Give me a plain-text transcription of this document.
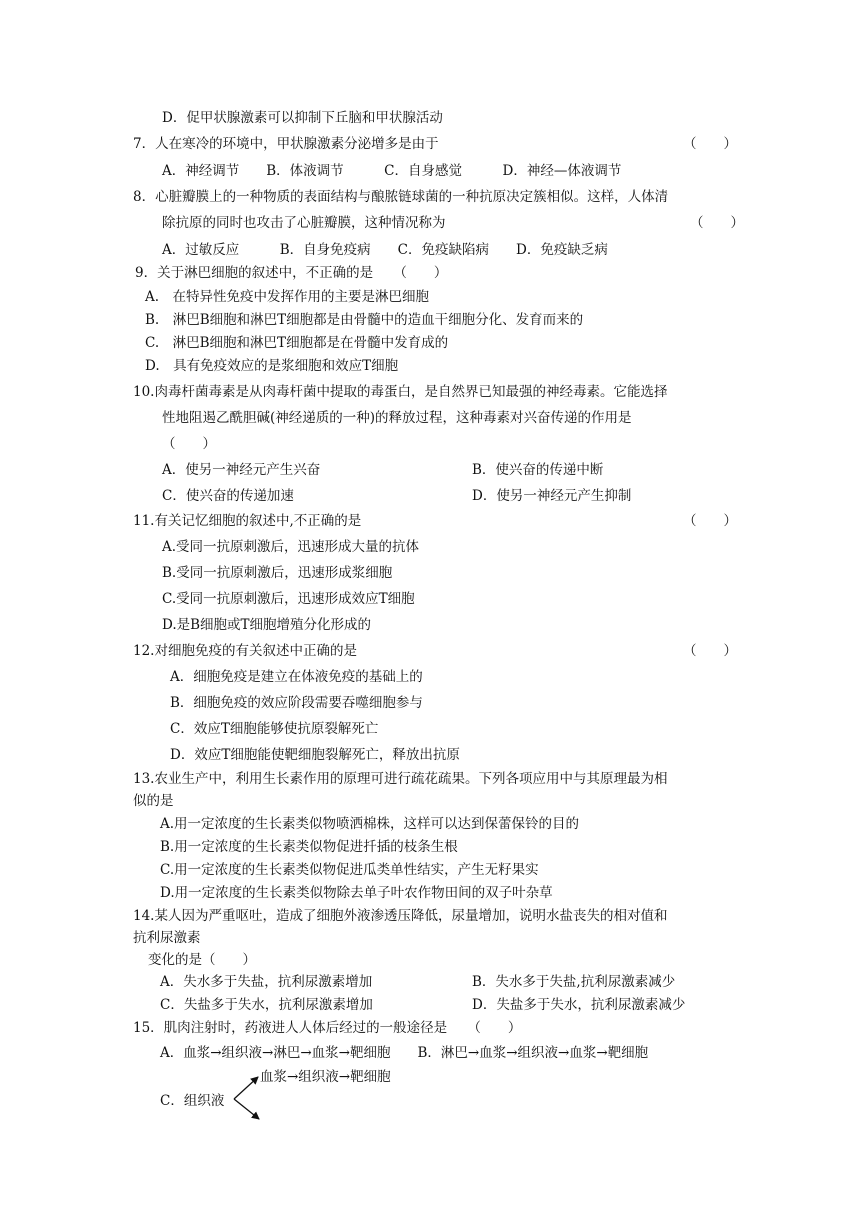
D．促甲状腺激素可以抑制下丘脑和甲状腺活动
7．人在寒冷的环境中，甲状腺激素分泌增多是由于	（　　）
A．神经调节　　B．体液调节　　　C．自身感觉　　　D．神经—体液调节
8．心脏瓣膜上的一种物质的表面结构与酿脓链球菌的一种抗原决定簇相似。这样，人体清
除抗原的同时也攻击了心脏瓣膜，这种情况称为	（　　）
A．过敏反应　　　B．自身免疫病　　C．免疫缺陷病　　D．免疫缺乏病
9．关于淋巴细胞的叙述中，不正确的是　　（　　）
A.　在特异性免疫中发挥作用的主要是淋巴细胞
B.　淋巴B细胞和淋巴T细胞都是由骨髓中的造血干细胞分化、发育而来的
C.　淋巴B细胞和淋巴T细胞都是在骨髓中发育成的
D.　具有免疫效应的是浆细胞和效应T细胞
10.肉毒杆菌毒素是从肉毒杆菌中提取的毒蛋白，是自然界已知最强的神经毒素。它能选择
性地阻遏乙酰胆碱(神经递质的一种)的释放过程，这种毒素对兴奋传递的作用是
（　　）
A．使另一神经元产生兴奋	B．使兴奋的传递中断
C．使兴奋的传递加速	D．使另一神经元产生抑制
11.有关记忆细胞的叙述中,不正确的是	（　　）
A.受同一抗原刺激后，迅速形成大量的抗体
B.受同一抗原刺激后，迅速形成浆细胞
C.受同一抗原刺激后，迅速形成效应T细胞
D.是B细胞或T细胞增殖分化形成的
12.对细胞免疫的有关叙述中正确的是	（　　）
A．细胞免疫是建立在体液免疫的基础上的
B．细胞免疫的效应阶段需要吞噬细胞参与
C．效应T细胞能够使抗原裂解死亡
D．效应T细胞能使靶细胞裂解死亡，释放出抗原
13.农业生产中，利用生长素作用的原理可进行疏花疏果。下列各项应用中与其原理最为相
似的是
A.用一定浓度的生长素类似物喷洒棉株，这样可以达到保蕾保铃的目的
B.用一定浓度的生长素类似物促进扦插的枝条生根
C.用一定浓度的生长素类似物促进瓜类单性结实，产生无籽果实
D.用一定浓度的生长素类似物除去单子叶农作物田间的双子叶杂草
14.某人因为严重呕吐，造成了细胞外液渗透压降低，尿量增加，说明水盐丧失的相对值和
抗利尿激素
变化的是（　　）
A．失水多于失盐，抗利尿激素增加	B．失水多于失盐,抗利尿激素减少
C．失盐多于失水，抗利尿激素增加	D．失盐多于失水，抗利尿激素减少
15．肌肉注射时，药液进人人体后经过的一般途径是　　（　　）
A．血浆→组织液→淋巴→血浆→靶细胞　　B．淋巴→血浆→组织液→血浆→靶细胞
血浆→组织液→靶细胞
C．组织液
